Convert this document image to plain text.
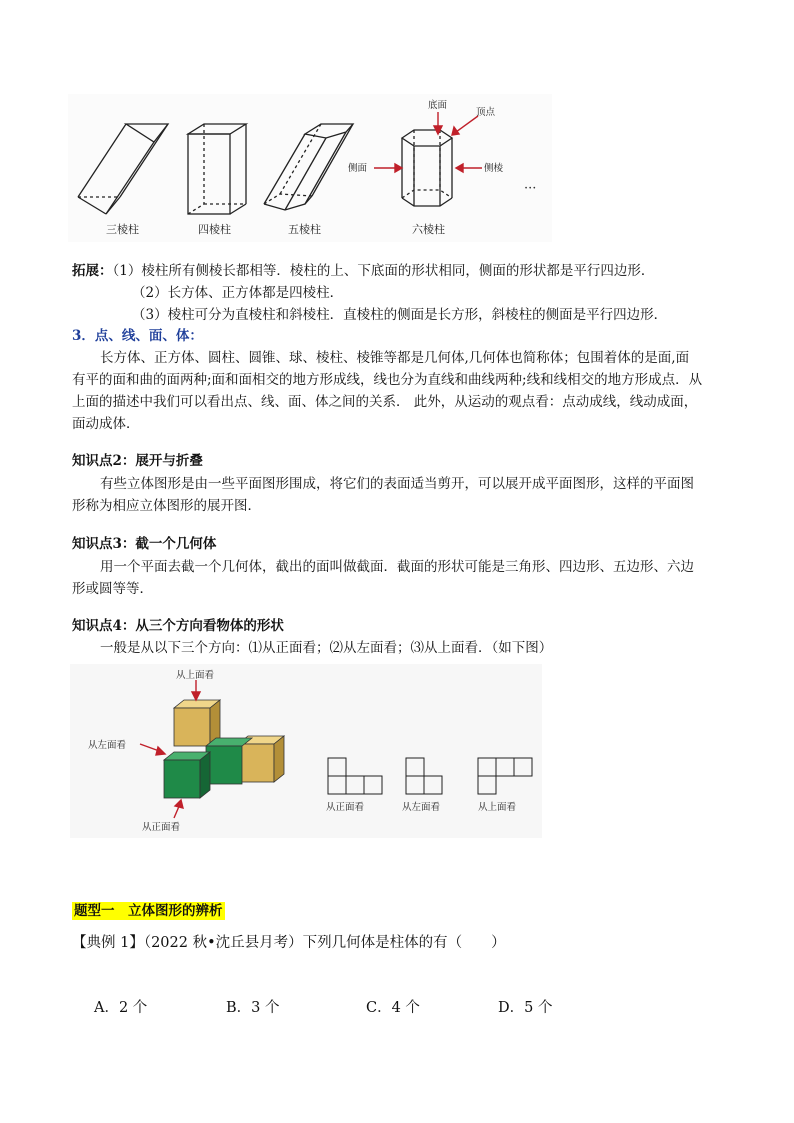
底面
顶点
侧面	侧棱
···
三棱柱	四棱柱	五棱柱	六棱柱
拓展：（1）棱柱所有侧棱长都相等．棱柱的上、下底面的形状相同，侧面的形状都是平行四边形．
（2）长方体、正方体都是四棱柱．
（3）棱柱可分为直棱柱和斜棱柱．直棱柱的侧面是长方形，斜棱柱的侧面是平行四边形．
3．点、线、面、体：
长方体、正方体、圆柱、圆锥、球、棱柱、棱锥等都是几何体,几何体也简称体；包围着体的是面,面
有平的面和曲的面两种;面和面相交的地方形成线，线也分为直线和曲线两种;线和线相交的地方形成点．从
上面的描述中我们可以看出点、线、面、体之间的关系． 此外，从运动的观点看：点动成线，线动成面，
面动成体．
知识点2：展开与折叠
有些立体图形是由一些平面图形围成，将它们的表面适当剪开，可以展开成平面图形，这样的平面图
形称为相应立体图形的展开图．
知识点3：截一个几何体
用一个平面去截一个几何体，截出的面叫做截面．截面的形状可能是三角形、四边形、五边形、六边
形或圆等等．
知识点4：从三个方向看物体的形状
一般是从以下三个方向：⑴从正面看；⑵从左面看；⑶从上面看．（如下图）
从上面看
从左面看
从正面看
从正面看	从左面看	从上面看
题型一　立体图形的辨析
【典例 1】（2022 秋•沈丘县月考）下列几何体是柱体的有（　　）
A．2 个	B．3 个	C．4 个	D．5 个
